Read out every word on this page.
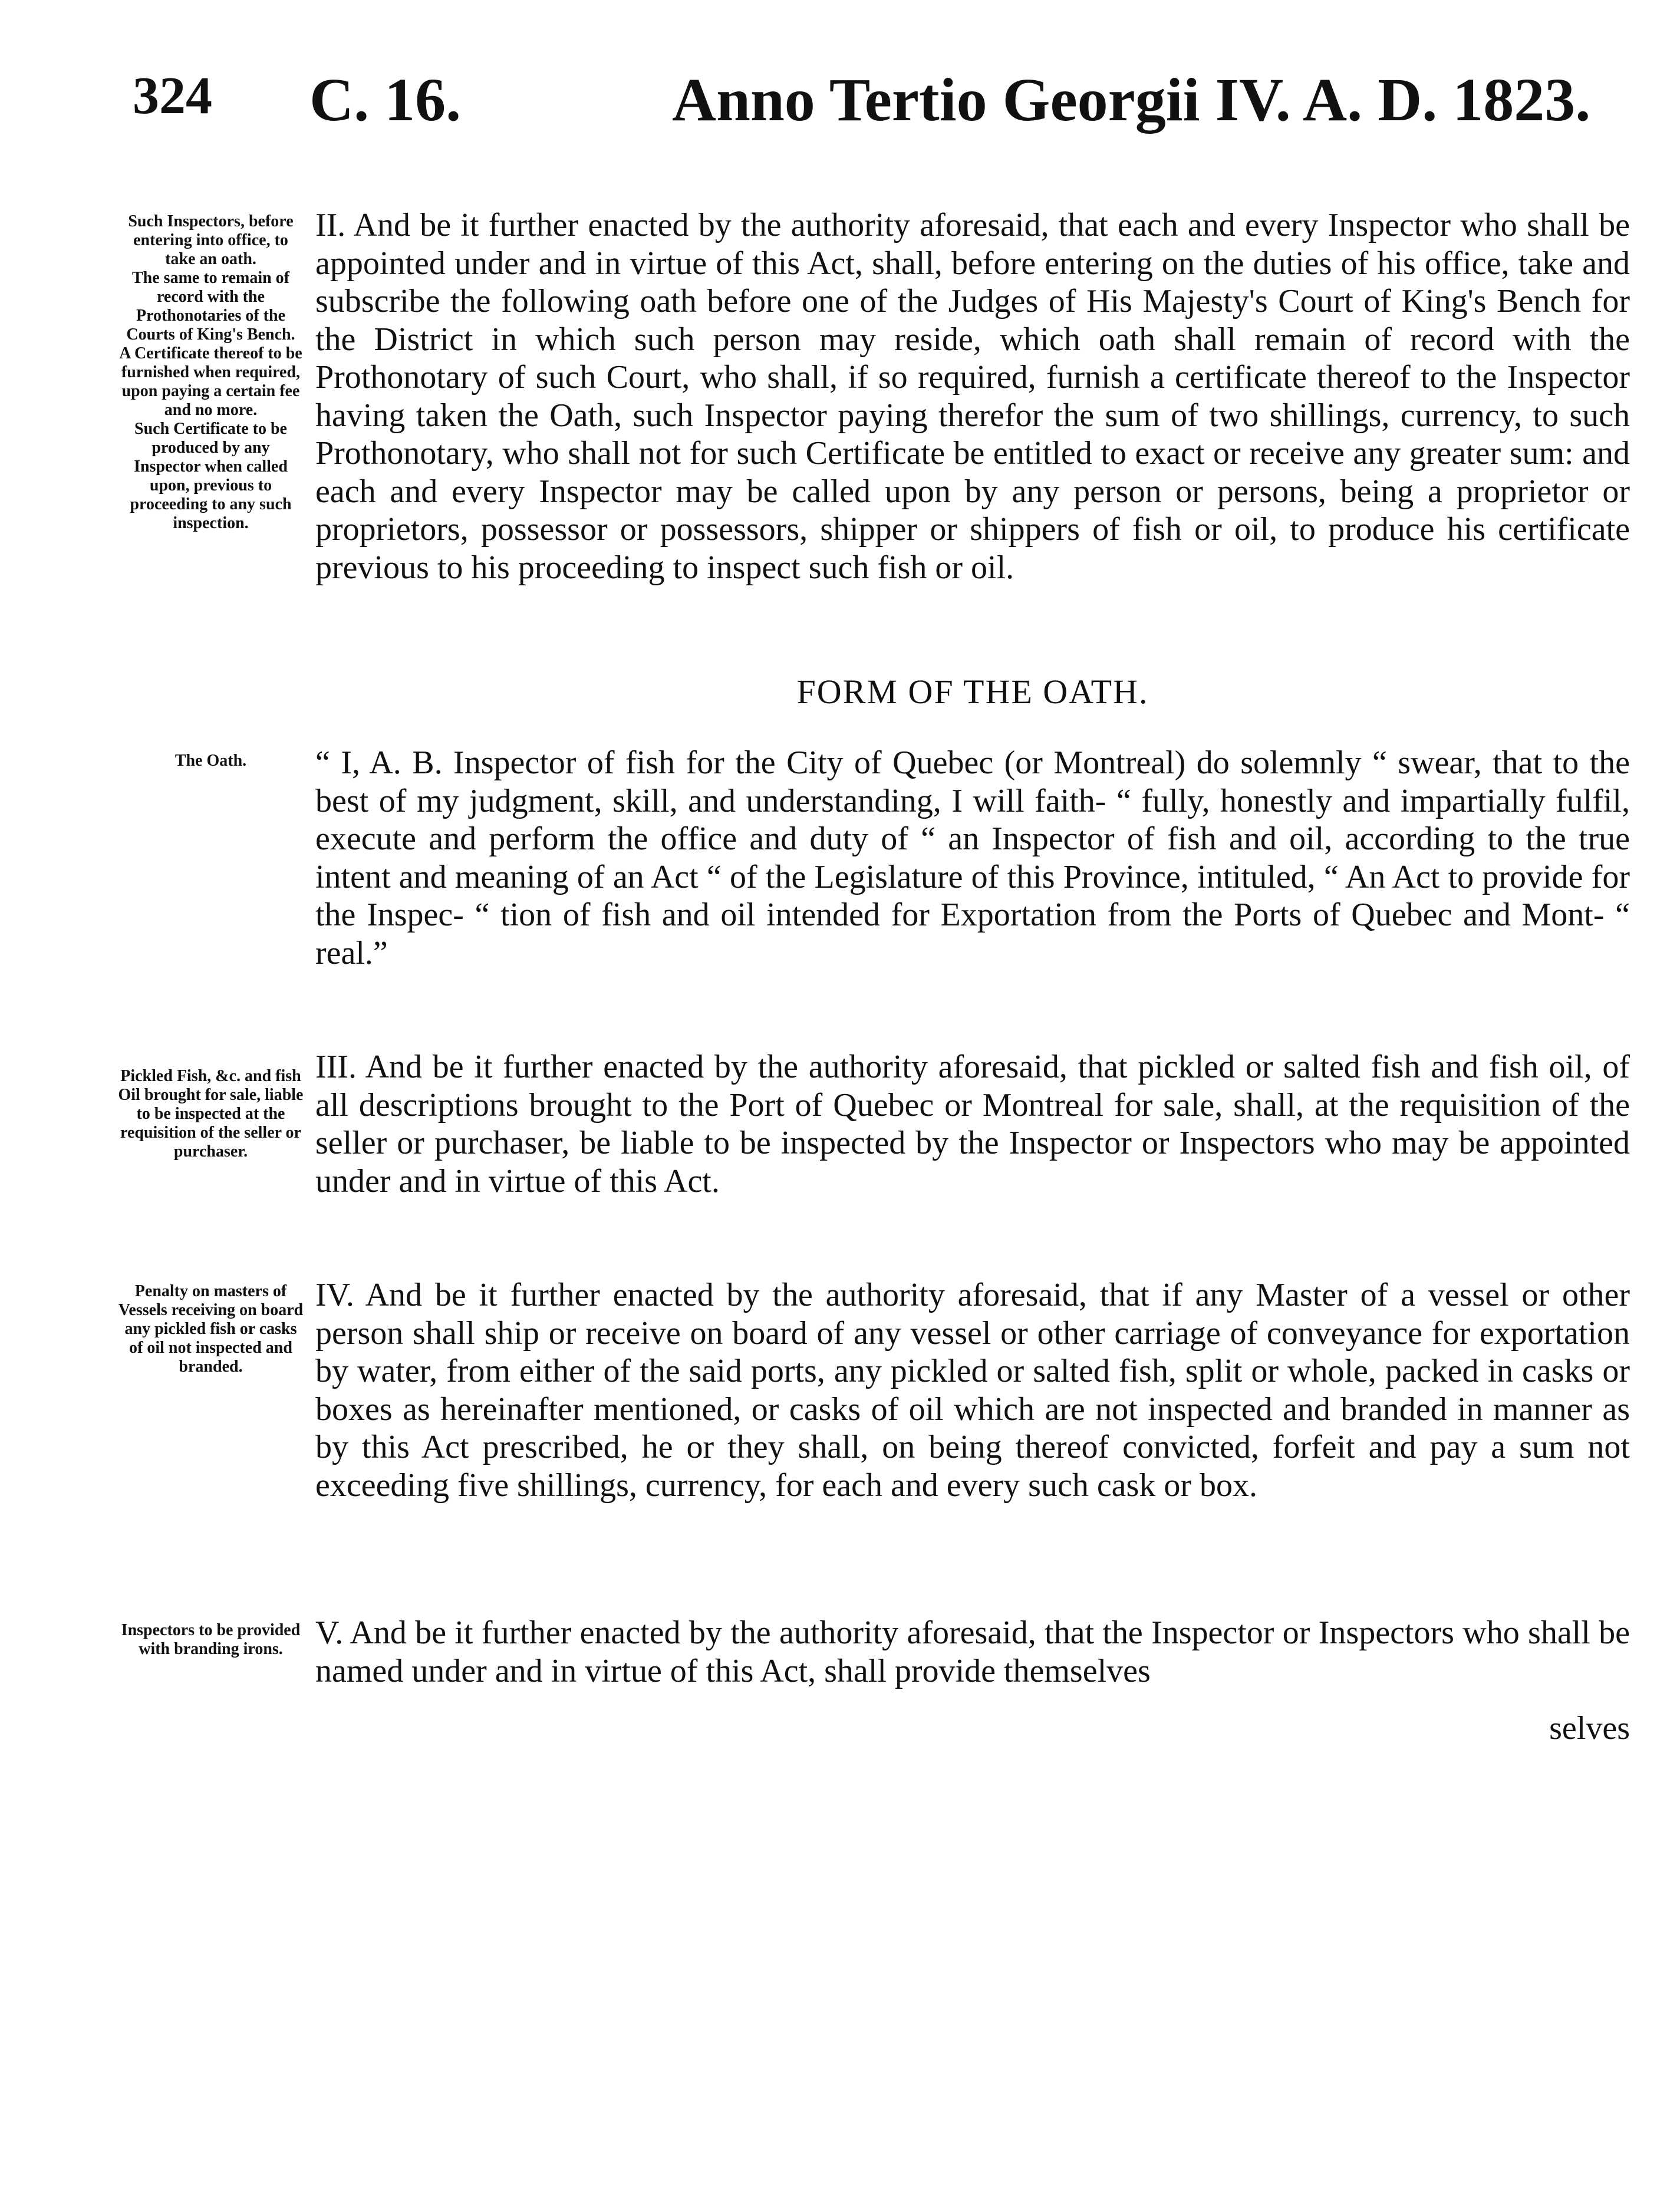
324 C. 16.	Anno Tertio Georgii IV. A. D. 1823.

Such Inspectors, before entering into office, to take an oath.

The same to remain of record with the Prothonotaries of the Courts of King's Bench.

A Certificate thereof to be furnished when required, upon paying a certain fee and no more.

Such Certificate to be produced by any Inspector when called upon, previous to proceeding to any such inspection.

The Oath.

Pickled Fish, &c. and fish Oil brought for sale, liable to be inspected at the requisition of the seller or purchaser.

Penalty on masters of Vessels receiving on board any pickled fish or casks of oil not inspected and branded.

Inspectors to be provided with branding irons.

II. And be it further enacted by the authority aforesaid, that each and every Inspector who shall be appointed under and in virtue of this Act, shall, before entering on the duties of his office, take and subscribe the following oath before one of the Judges of His Majesty's Court of King's Bench for the District in which such person may reside, which oath shall remain of record with the Prothonotary of such Court, who shall, if so required, furnish a certificate thereof to the Inspector having taken the Oath, such Inspector paying therefor the sum of two shillings, currency, to such Prothonotary, who shall not for such Certificate be entitled to exact or receive any greater sum: and each and every Inspector may be called upon by any person or persons, being a proprietor or proprietors, possessor or possessors, shipper or shippers of fish or oil, to produce his certificate previous to his proceeding to inspect such fish or oil.

FORM OF THE OATH.

“ I, A. B. Inspector of fish for the City of Quebec (or Montreal) do solemnly “ swear, that to the best of my judgment, skill, and understanding, I will faith- “ fully, honestly and impartially fulfil, execute and perform the office and duty of “ an Inspector of fish and oil, according to the true intent and meaning of an Act “ of the Legislature of this Province, intituled, “ An Act to provide for the Inspec- “ tion of fish and oil intended for Exportation from the Ports of Quebec and Mont- “ real.”

III. And be it further enacted by the authority aforesaid, that pickled or salted fish and fish oil, of all descriptions brought to the Port of Quebec or Montreal for sale, shall, at the requisition of the seller or purchaser, be liable to be inspected by the Inspector or Inspectors who may be appointed under and in virtue of this Act.

IV. And be it further enacted by the authority aforesaid, that if any Master of a vessel or other person shall ship or receive on board of any vessel or other carriage of conveyance for exportation by water, from either of the said ports, any pickled or salted fish, split or whole, packed in casks or boxes as hereinafter mentioned, or casks of oil which are not inspected and branded in manner as by this Act prescribed, he or they shall, on being thereof convicted, forfeit and pay a sum not exceeding five shillings, currency, for each and every such cask or box.

V. And be it further enacted by the authority aforesaid, that the Inspector or Inspectors who shall be named under and in virtue of this Act, shall provide themselves

selves
